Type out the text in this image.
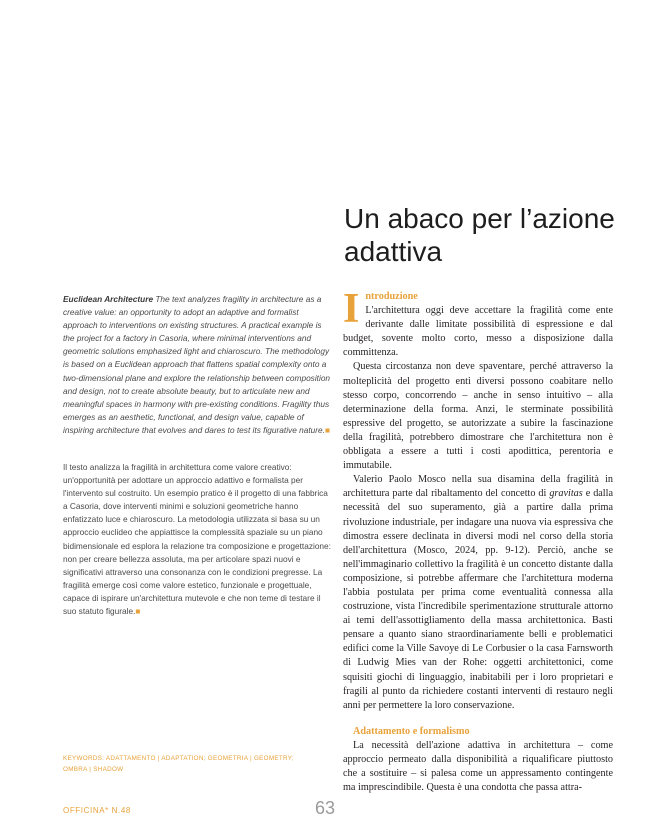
Un abaco per l’azione adattiva

Euclidean Architecture The text analyzes fragility in architecture as a creative value: an opportunity to adopt an adaptive and formalist approach to interventions on existing structures. A practical example is the project for a factory in Casoria, where minimal interventions and geometric solutions emphasized light and chiaroscuro. The methodology is based on a Euclidean approach that flattens spatial complexity onto a two-dimensional plane and explore the relationship between composition and design, not to create absolute beauty, but to articulate new and meaningful spaces in harmony with pre-existing conditions. Fragility thus emerges as an aesthetic, functional, and design value, capable of inspiring architecture that evolves and dares to test its figurative nature.■

Il testo analizza la fragilità in architettura come valore creativo: un'opportunità per adottare un approccio adattivo e formalista per l'intervento sul costruito. Un esempio pratico è il progetto di una fabbrica a Casoria, dove interventi minimi e soluzioni geometriche hanno enfatizzato luce e chiaroscuro. La metodologia utilizzata si basa su un approccio euclideo che appiattisce la complessità spaziale su un piano bidimensionale ed esplora la relazione tra composizione e progettazione: non per creare bellezza assoluta, ma per articolare spazi nuovi e significativi attraverso una consonanza con le condizioni pregresse. La fragilità emerge così come valore estetico, funzionale e progettuale, capace di ispirare un'architettura mutevole e che non teme di testare il suo statuto figurale.■

KEYWORDS: ADATTAMENTO | ADAPTATION; GEOMETRIA | GEOMETRY; OMBRA | SHADOW

Introduzione
L'architettura oggi deve accettare la fragilità come ente derivante dalle limitate possibilità di espressione e dal budget, sovente molto corto, messo a disposizione dalla committenza.

Questa circostanza non deve spaventare, perché attraverso la molteplicità del progetto enti diversi possono coabitare nello stesso corpo, concorrendo – anche in senso intuitivo – alla determinazione della forma. Anzi, le sterminate possibilità espressive del progetto, se autorizzate a subire la fascinazione della fragilità, potrebbero dimostrare che l'architettura non è obbligata a essere a tutti i costi apodittica, perentoria e immutabile.

Valerio Paolo Mosco nella sua disamina della fragilità in architettura parte dal ribaltamento del concetto di gravitas e dalla necessità del suo superamento, già a partire dalla prima rivoluzione industriale, per indagare una nuova via espressiva che dimostra essere declinata in diversi modi nel corso della storia dell'architettura (Mosco, 2024, pp. 9-12). Perciò, anche se nell'immaginario collettivo la fragilità è un concetto distante dalla composizione, si potrebbe affermare che l'architettura moderna l'abbia postulata per prima come eventualità connessa alla costruzione, vista l'incredibile sperimentazione strutturale attorno ai temi dell'assottigliamento della massa architettonica. Basti pensare a quanto siano straordinariamente belli e problematici edifici come la Ville Savoye di Le Corbusier o la casa Farnsworth di Ludwig Mies van der Rohe: oggetti architettonici, come squisiti giochi di linguaggio, inabitabili per i loro proprietari e fragili al punto da richiedere costanti interventi di restauro negli anni per permettere la loro conservazione.

Adattamento e formalismo

La necessità dell'azione adattiva in architettura – come approccio permeato dalla disponibilità a riqualificare piuttosto che a sostituire – si palesa come un appressamento contingente ma imprescindibile. Questa è una condotta che passa attra-

OFFICINA* N.48	63
